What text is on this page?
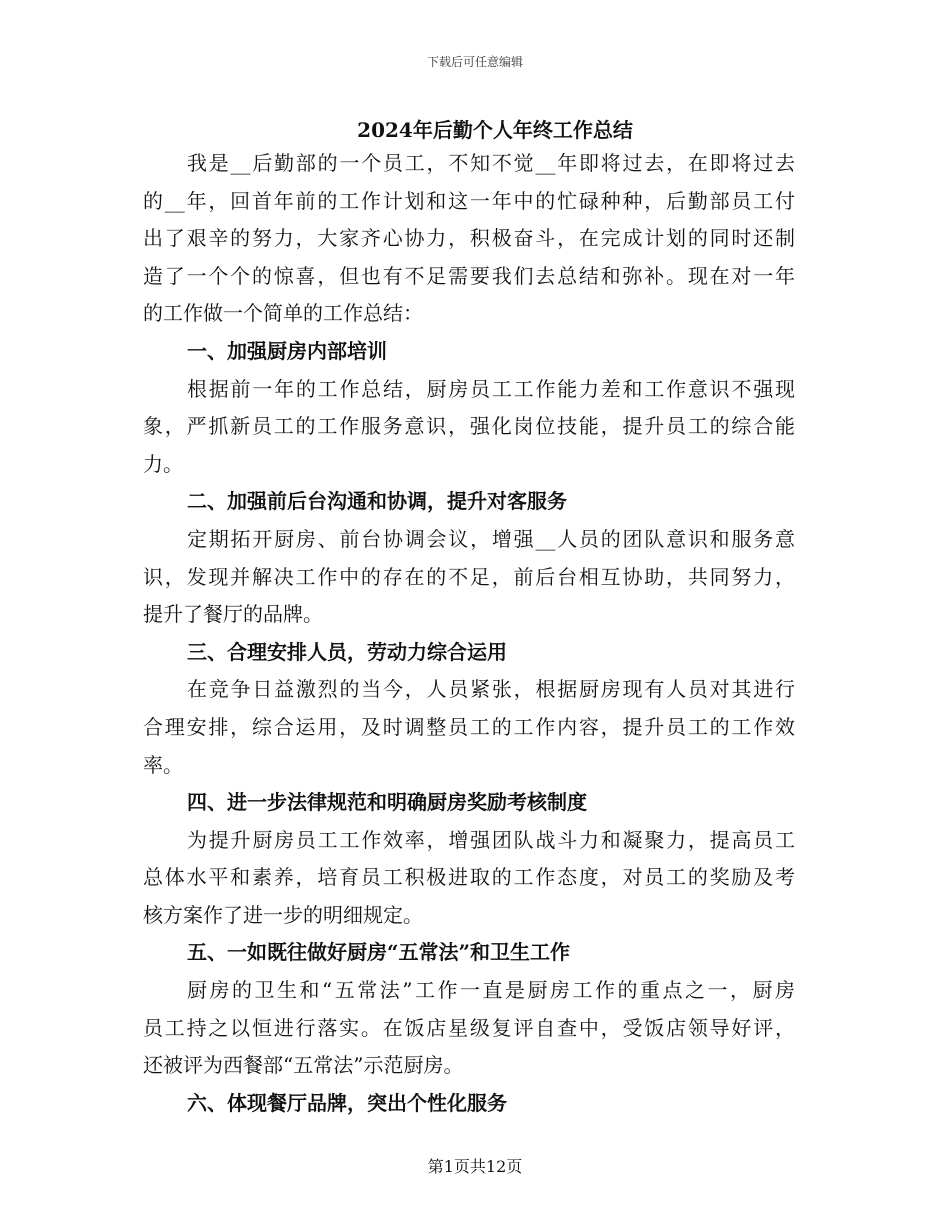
下载后可任意编辑
2024年后勤个人年终工作总结
我是__后勤部的一个员工，不知不觉__年即将过去，在即将过去
的__年，回首年前的工作计划和这一年中的忙碌种种，后勤部员工付
出了艰辛的努力，大家齐心协力，积极奋斗，在完成计划的同时还制
造了一个个的惊喜，但也有不足需要我们去总结和弥补。现在对一年
的工作做一个简单的工作总结：
一、加强厨房内部培训
根据前一年的工作总结，厨房员工工作能力差和工作意识不强现
象，严抓新员工的工作服务意识，强化岗位技能，提升员工的综合能
力。
二、加强前后台沟通和协调，提升对客服务
定期拓开厨房、前台协调会议，增强__人员的团队意识和服务意
识，发现并解决工作中的存在的不足，前后台相互协助，共同努力，
提升了餐厅的品牌。
三、合理安排人员，劳动力综合运用
在竞争日益激烈的当今，人员紧张，根据厨房现有人员对其进行
合理安排，综合运用，及时调整员工的工作内容，提升员工的工作效
率。
四、进一步法律规范和明确厨房奖励考核制度
为提升厨房员工工作效率，增强团队战斗力和凝聚力，提高员工
总体水平和素养，培育员工积极进取的工作态度，对员工的奖励及考
核方案作了进一步的明细规定。
五、一如既往做好厨房“五常法”和卫生工作
厨房的卫生和“五常法”工作一直是厨房工作的重点之一，厨房
员工持之以恒进行落实。在饭店星级复评自查中，受饭店领导好评，
还被评为西餐部“五常法”示范厨房。
六、体现餐厅品牌，突出个性化服务
第1页共12页
